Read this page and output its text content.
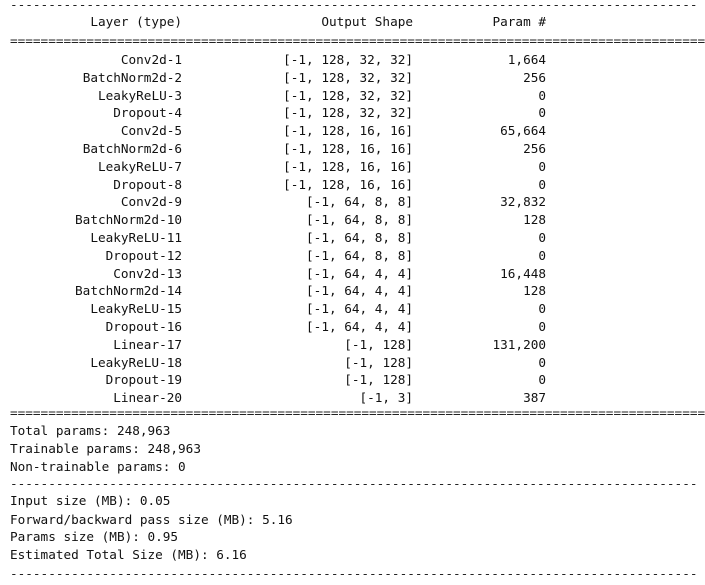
------------------------------------------------------------------------------------------
Layer (type)	Output Shape	Param #
===========================================================================================
Conv2d-1	[-1, 128, 32, 32]	1,664
BatchNorm2d-2	[-1, 128, 32, 32]	256
LeakyReLU-3	[-1, 128, 32, 32]	0
Dropout-4	[-1, 128, 32, 32]	0
Conv2d-5	[-1, 128, 16, 16]	65,664
BatchNorm2d-6	[-1, 128, 16, 16]	256
LeakyReLU-7	[-1, 128, 16, 16]	0
Dropout-8	[-1, 128, 16, 16]	0
Conv2d-9	[-1, 64, 8, 8]	32,832
BatchNorm2d-10	[-1, 64, 8, 8]	128
LeakyReLU-11	[-1, 64, 8, 8]	0
Dropout-12	[-1, 64, 8, 8]	0
Conv2d-13	[-1, 64, 4, 4]	16,448
BatchNorm2d-14	[-1, 64, 4, 4]	128
LeakyReLU-15	[-1, 64, 4, 4]	0
Dropout-16	[-1, 64, 4, 4]	0
Linear-17	[-1, 128]	131,200
LeakyReLU-18	[-1, 128]	0
Dropout-19	[-1, 128]	0
Linear-20	[-1, 3]	387
===========================================================================================
Total params: 248,963
Trainable params: 248,963
Non-trainable params: 0
------------------------------------------------------------------------------------------
Input size (MB): 0.05
Forward/backward pass size (MB): 5.16
Params size (MB): 0.95
Estimated Total Size (MB): 6.16
------------------------------------------------------------------------------------------
